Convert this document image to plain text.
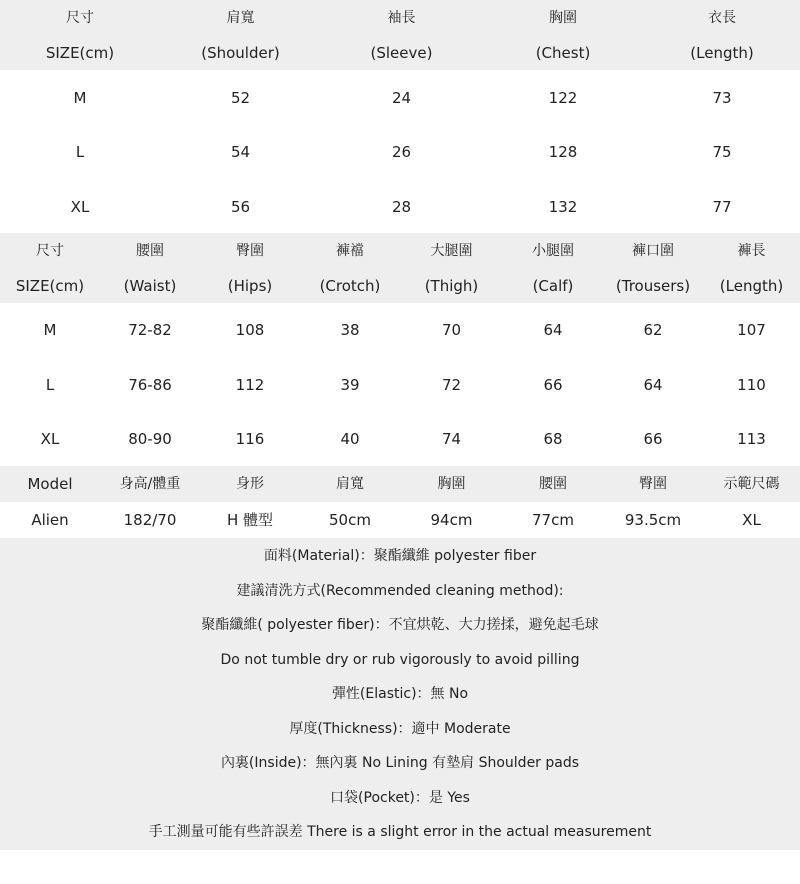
尺寸	肩寬	袖長	胸圍	衣長
SIZE(cm)	(Shoulder)	(Sleeve)	(Chest)	(Length)
M	52	24	122	73
L	54	26	128	75
XL	56	28	132	77
尺寸	腰圍	臀圍	褲襠	大腿圍	小腿圍	褲口圍	褲長
SIZE(cm)	(Waist)	(Hips)	(Crotch)	(Thigh)	(Calf)	(Trousers)	(Length)
M	72-82	108	38	70	64	62	107
L	76-86	112	39	72	66	64	110
XL	80-90	116	40	74	68	66	113
Model	身高/體重	身形	肩寬	胸圍	腰圍	臀圍	示範尺碼
Alien	182/70	H 體型	50cm	94cm	77cm	93.5cm	XL
面料(Material)：聚酯纖維 polyester fiber
建議清洗方式(Recommended cleaning method):
聚酯纖維( polyester fiber)：不宜烘乾、大力搓揉，避免起毛球
Do not tumble dry or rub vigorously to avoid pilling
彈性(Elastic)：無 No
厚度(Thickness)：適中 Moderate
內裏(Inside)：無內裏 No Lining 有墊肩 Shoulder pads
口袋(Pocket)：是 Yes
手工測量可能有些許誤差 There is a slight error in the actual measurement
